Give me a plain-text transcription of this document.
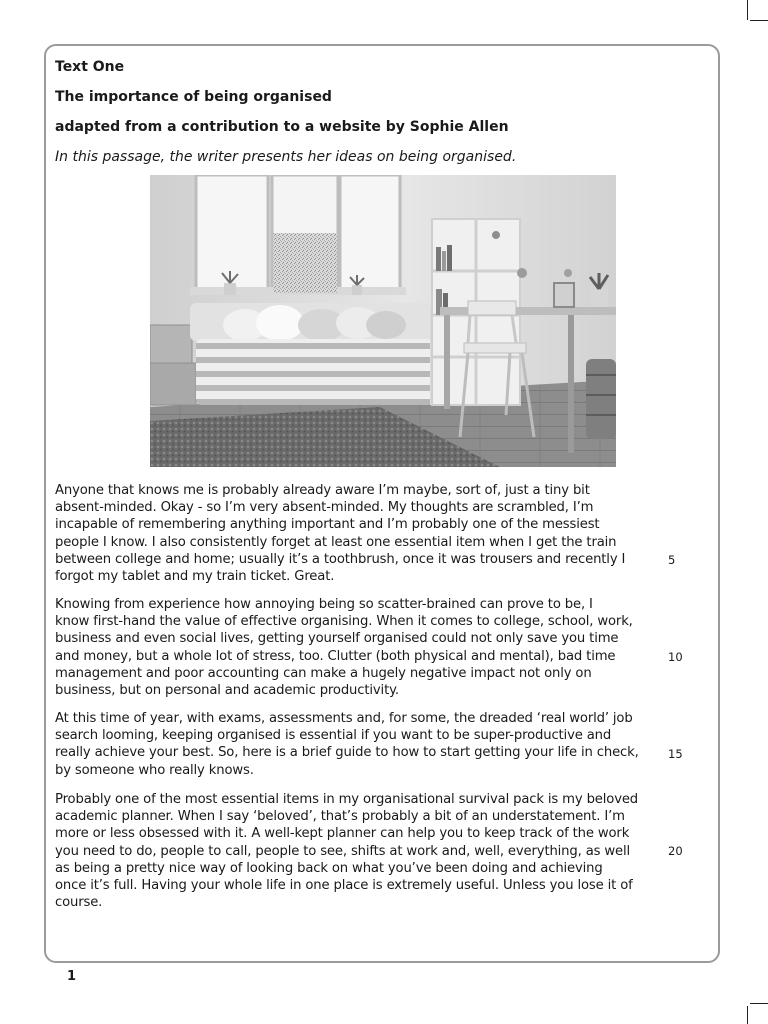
Text One
The importance of being organised
adapted from a contribution to a website by Sophie Allen
In this passage, the writer presents her ideas on being organised.
Anyone that knows me is probably already aware I’m maybe, sort of, just a tiny bit
absent-minded. Okay - so I’m very absent-minded. My thoughts are scrambled, I’m
incapable of remembering anything important and I’m probably one of the messiest
people I know. I also consistently forget at least one essential item when I get the train
between college and home; usually it’s a toothbrush, once it was trousers and recently I
forgot my tablet and my train ticket. Great.
Knowing from experience how annoying being so scatter-brained can prove to be, I
know first-hand the value of effective organising. When it comes to college, school, work,
business and even social lives, getting yourself organised could not only save you time
and money, but a whole lot of stress, too. Clutter (both physical and mental), bad time
management and poor accounting can make a hugely negative impact not only on
business, but on personal and academic productivity.
At this time of year, with exams, assessments and, for some, the dreaded ‘real world’ job
search looming, keeping organised is essential if you want to be super-productive and
really achieve your best. So, here is a brief guide to how to start getting your life in check,
by someone who really knows.
Probably one of the most essential items in my organisational survival pack is my beloved
academic planner. When I say ‘beloved’, that’s probably a bit of an understatement. I’m
more or less obsessed with it. A well-kept planner can help you to keep track of the work
you need to do, people to call, people to see, shifts at work and, well, everything, as well
as being a pretty nice way of looking back on what you’ve been doing and achieving
once it’s full. Having your whole life in one place is extremely useful. Unless you lose it of
course.
5
10
15
20
1
